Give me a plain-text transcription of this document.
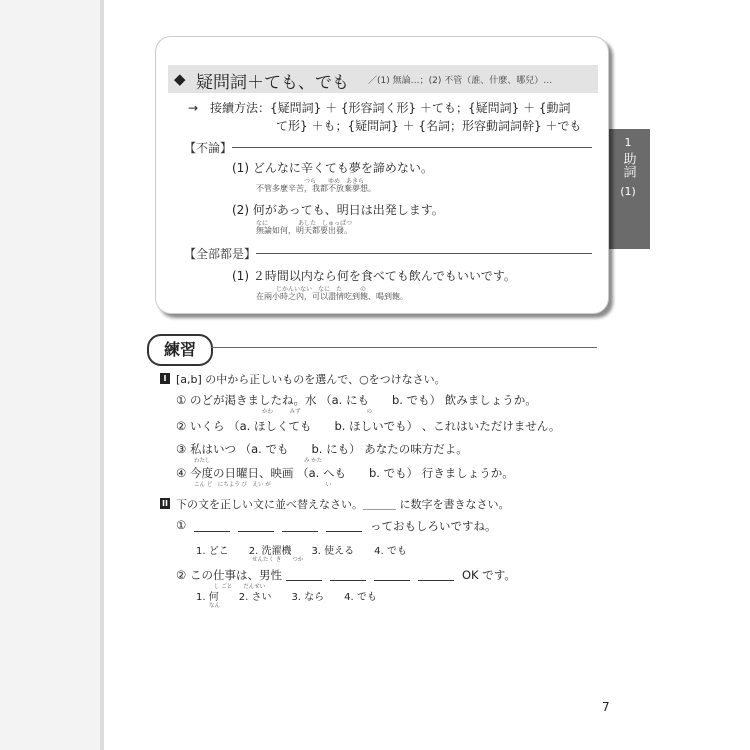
1
助詞
(1)
◆ 疑問詞＋ても、でも ／(1) 無論…；(2) 不管（誰、什麼、哪兒）…
→ 接續方法：{疑問詞} ＋ {形容詞く形} ＋ても；{疑問詞} ＋ {動詞
て形} ＋も；{疑問詞} ＋ {名詞；形容動詞詞幹} ＋でも
【不論】
(1) どんなに辛くても夢を諦めない。
つら　　ゆめ　あきら
不管多麼辛苦，我都不放棄夢想。
(2) 何があっても、明日は出発します。
なに　　　　　あした　しゅっぱつ
無論如何，明天都要出發。
【全部都是】
(1) ２時間以内なら何を食べても飲んでもいいです。
じかんいない　なに　た　　　の
在兩小時之內，可以盡情吃到飽、喝到飽。
練習
I [a,b] の中から正しいものを選んで、○をつけなさい。
① のどが渇きましたね。水 （a. にも　　b. でも） 飲みましょうか。
かわ　　　みず　　　　　　　　　　　　の
② いくら （a. ほしくても　　b. ほしいでも） 、これはいただけません。
③ 私はいつ （a. でも　　b. にも） あなたの味方だよ。
わたし　　　　　　　　　　　　　　　　　み かた
④ 今度の日曜日、映画 （a. へも　　b. でも） 行きましょうか。
こん ど　にちよう び　えい が　　　　　　　　　　い
II 下の文を正しい文に並べ替えなさい。＿＿＿ に数字を書きなさい。
①	っておもしろいですね。
1. どこ　　2. 洗濯機　　3. 使える　　4. でも
せんたく き　　つか
② この仕事は、男性
し ごと　　だんせい
OK です。
1. 何　　2. さい　　3. なら　　4. でも
なん
7
